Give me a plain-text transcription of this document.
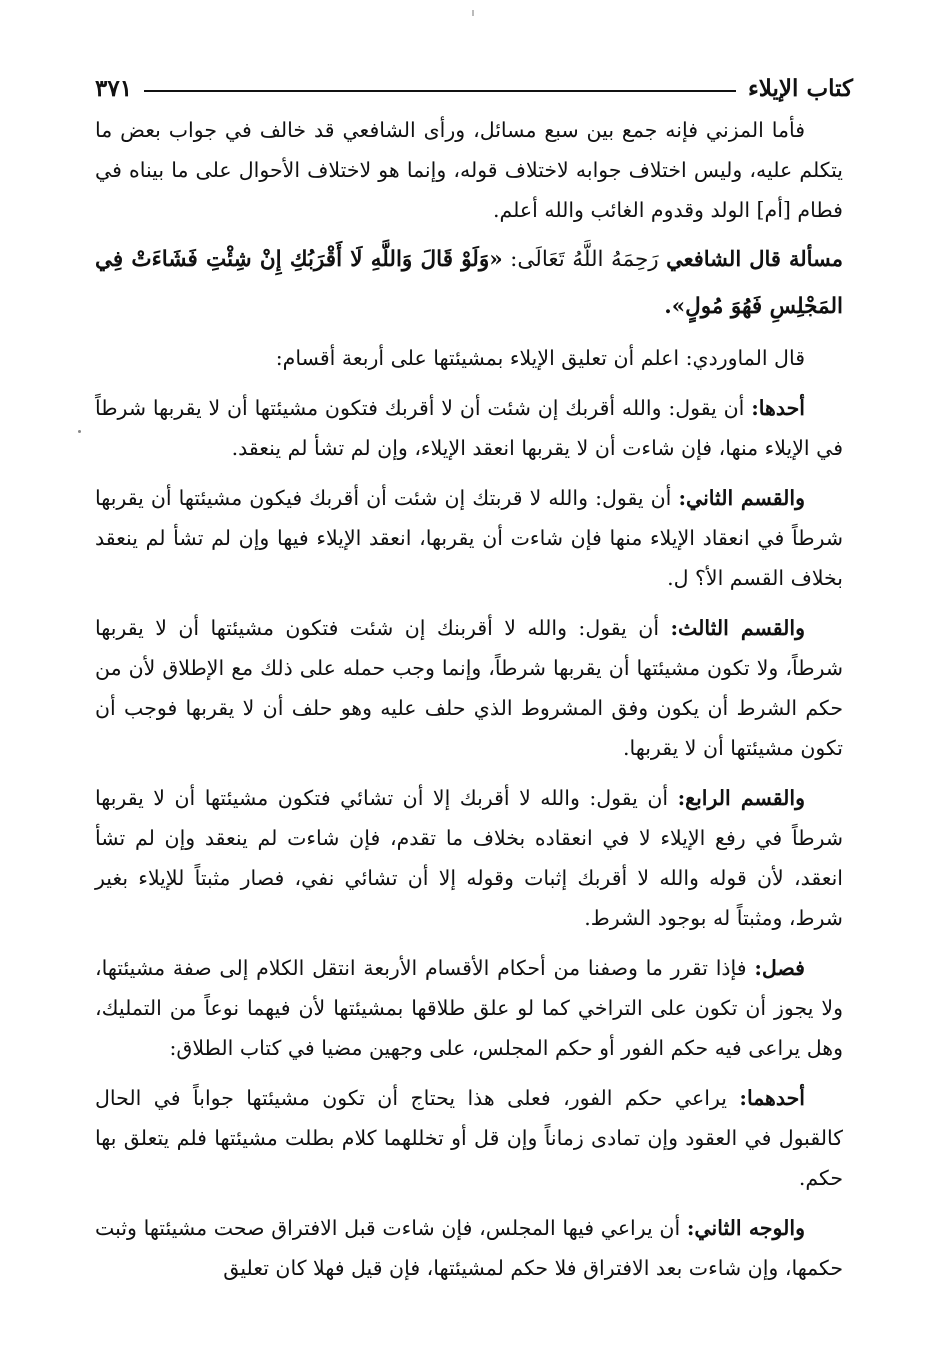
كتاب الإيلاء
٣٧١

فأما المزني فإنه جمع بين سبع مسائل، ورأى الشافعي قد خالف في جواب بعض ما يتكلم عليه، وليس اختلاف جوابه لاختلاف قوله، وإنما هو لاختلاف الأحوال على ما بيناه في فطام [أم] الولد وقدوم الغائب والله أعلم.

مسألة قال الشافعي رَحِمَهُ اللَّهُ تَعَالَى: «وَلَوْ قَالَ وَاللَّهِ لَا أَقْرَبُكِ إِنْ شِئْتِ فَشَاءَتْ فِي المَجْلِسِ فَهُوَ مُولٍ».

قال الماوردي: اعلم أن تعليق الإيلاء بمشيئتها على أربعة أقسام:

أحدها: أن يقول: والله أقربك إن شئت أن لا أقربك فتكون مشيئتها أن لا يقربها شرطاً في الإيلاء منها، فإن شاءت أن لا يقربها انعقد الإيلاء، وإن لم تشأ لم ينعقد.

والقسم الثاني: أن يقول: والله لا قربتك إن شئت أن أقربك فيكون مشيئتها أن يقربها شرطاً في انعقاد الإيلاء منها فإن شاءت أن يقربها، انعقد الإيلاء فيها وإن لم تشأ لم ينعقد بخلاف القسم الأ؟ ل.

والقسم الثالث: أن يقول: والله لا أقربنك إن شئت فتكون مشيئتها أن لا يقربها شرطاً، ولا تكون مشيئتها أن يقربها شرطاً، وإنما وجب حمله على ذلك مع الإطلاق لأن من حكم الشرط أن يكون وفق المشروط الذي حلف عليه وهو حلف أن لا يقربها فوجب أن تكون مشيئتها أن لا يقربها.

والقسم الرابع: أن يقول: والله لا أقربك إلا أن تشائي فتكون مشيئتها أن لا يقربها شرطاً في رفع الإيلاء لا في انعقاده بخلاف ما تقدم، فإن شاءت لم ينعقد وإن لم تشأ انعقد، لأن قوله والله لا أقربك إثبات وقوله إلا أن تشائي نفي، فصار مثبتاً للإيلاء بغير شرط، ومثبتاً له بوجود الشرط.

فصل: فإذا تقرر ما وصفنا من أحكام الأقسام الأربعة انتقل الكلام إلى صفة مشيئتها، ولا يجوز أن تكون على التراخي كما لو علق طلاقها بمشيئتها لأن فيهما نوعاً من التمليك، وهل يراعى فيه حكم الفور أو حكم المجلس، على وجهين مضيا في كتاب الطلاق:

أحدهما: يراعي حكم الفور، فعلى هذا يحتاج أن تكون مشيئتها جواباً في الحال كالقبول في العقود وإن تمادى زماناً وإن قل أو تخللهما كلام بطلت مشيئتها فلم يتعلق بها حكم.

والوجه الثاني: أن يراعي فيها المجلس، فإن شاءت قبل الافتراق صحت مشيئتها وثبت حكمها، وإن شاءت بعد الافتراق فلا حكم لمشيئتها، فإن قيل فهلا كان تعليق
